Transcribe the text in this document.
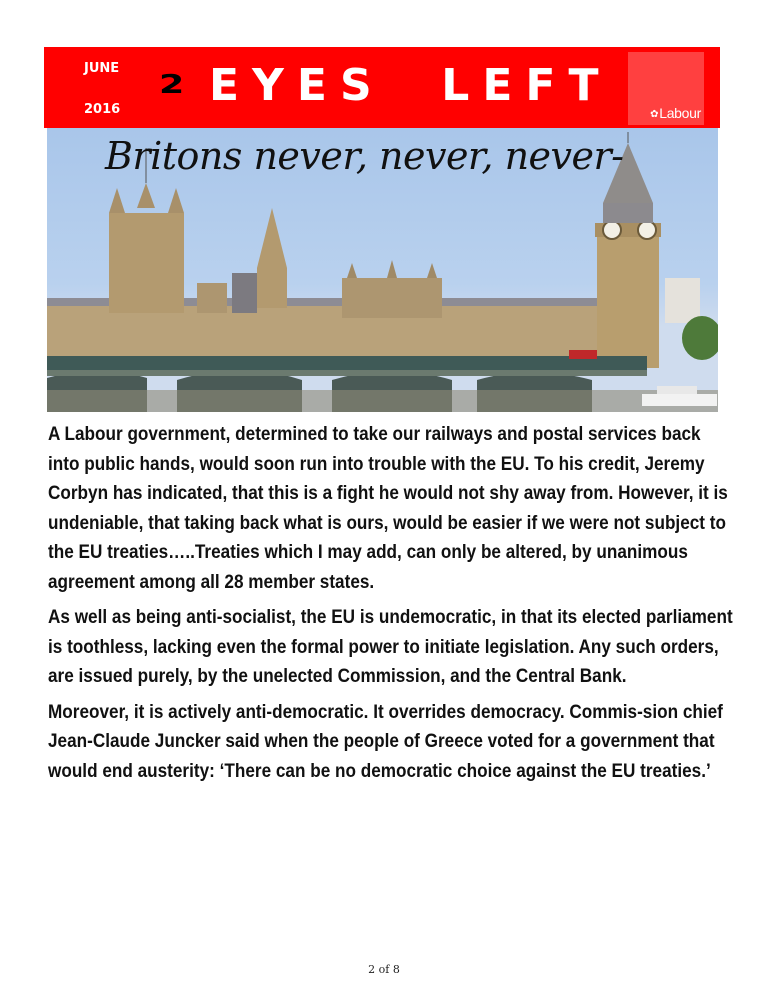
JUNE
2016
2 EYES  LEFT
✿Labour
Britons never, never, never-

A Labour government, determined to take our railways and postal services back into public hands, would soon run into trouble with the EU. To his credit, Jeremy Corbyn has indicated, that this is a fight he would not shy away from. However, it is undeniable, that taking back what is ours, would be easier if we were not subject to the EU treaties…..Treaties which I may add, can only be altered, by unanimous agreement among all 28 member states.

As well as being anti-socialist, the EU is undemocratic, in that its elected parliament is toothless, lacking even the formal power to initiate legislation. Any such orders, are issued purely, by the unelected Commission, and the Central Bank.

Moreover, it is actively anti-democratic. It overrides democracy. Commis-sion chief Jean-Claude Juncker said when the people of Greece voted for a government that would end austerity: ‘There can be no democratic choice against the EU treaties.’

2 of 8
